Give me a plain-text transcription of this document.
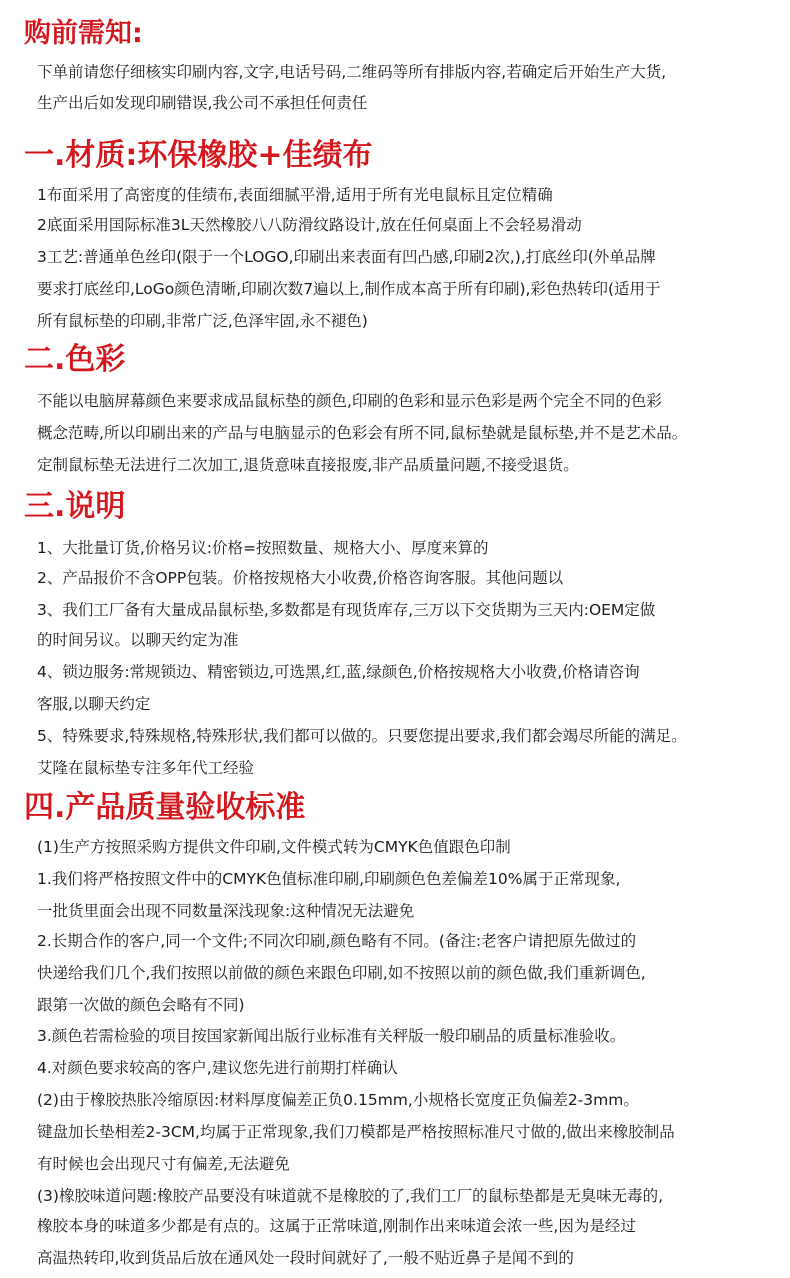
购前需知:

下单前请您仔细核实印刷内容,文字,电话号码,二维码等所有排版内容,若确定后开始生产大货,

生产出后如发现印刷错误,我公司不承担任何责任

一.材质:环保橡胶+佳绩布

1布面采用了高密度的佳绩布,表面细腻平滑,适用于所有光电鼠标且定位精确

2底面采用国际标准3L天然橡胶八八防滑纹路设计,放在任何桌面上不会轻易滑动

3工艺:普通单色丝印(限于一个LOGO,印刷出来表面有凹凸感,印刷2次,),打底丝印(外单品牌

要求打底丝印,LoGo颜色清晰,印刷次数7遍以上,制作成本高于所有印刷),彩色热转印(适用于

所有鼠标垫的印刷,非常广泛,色泽牢固,永不褪色)

二.色彩

不能以电脑屏幕颜色来要求成品鼠标垫的颜色,印刷的色彩和显示色彩是两个完全不同的色彩

概念范畴,所以印刷出来的产品与电脑显示的色彩会有所不同,鼠标垫就是鼠标垫,并不是艺术品。

定制鼠标垫无法进行二次加工,退货意味直接报废,非产品质量问题,不接受退货。

三.说明

1、大批量订货,价格另议:价格=按照数量、规格大小、厚度来算的

2、产品报价不含OPP包装。价格按规格大小收费,价格咨询客服。其他问题以

3、我们工厂备有大量成品鼠标垫,多数都是有现货库存,三万以下交货期为三天内:OEM定做

的时间另议。以聊天约定为准

4、锁边服务:常规锁边、精密锁边,可选黑,红,蓝,绿颜色,价格按规格大小收费,价格请咨询

客服,以聊天约定

5、特殊要求,特殊规格,特殊形状,我们都可以做的。只要您提出要求,我们都会竭尽所能的满足。

艾隆在鼠标垫专注多年代工经验

四.产品质量验收标准

(1)生产方按照采购方提供文件印刷,文件模式转为CMYK色值跟色印制

1.我们将严格按照文件中的CMYK色值标准印刷,印刷颜色色差偏差10%属于正常现象,

一批货里面会出现不同数量深浅现象:这种情况无法避免

2.长期合作的客户,同一个文件;不同次印刷,颜色略有不同。(备注:老客户请把原先做过的

快递给我们几个,我们按照以前做的颜色来跟色印刷,如不按照以前的颜色做,我们重新调色,

跟第一次做的颜色会略有不同)

3.颜色若需检验的项目按国家新闻出版行业标准有关秤版一般印刷品的质量标准验收。

4.对颜色要求较高的客户,建议您先进行前期打样确认

(2)由于橡胶热胀冷缩原因:材料厚度偏差正负0.15mm,小规格长宽度正负偏差2-3mm。

键盘加长垫相差2-3CM,均属于正常现象,我们刀模都是严格按照标准尺寸做的,做出来橡胶制品

有时候也会出现尺寸有偏差,无法避免

(3)橡胶味道问题:橡胶产品要没有味道就不是橡胶的了,我们工厂的鼠标垫都是无臭味无毒的,

橡胶本身的味道多少都是有点的。这属于正常味道,刚制作出来味道会浓一些,因为是经过

高温热转印,收到货品后放在通风处一段时间就好了,一般不贴近鼻子是闻不到的
